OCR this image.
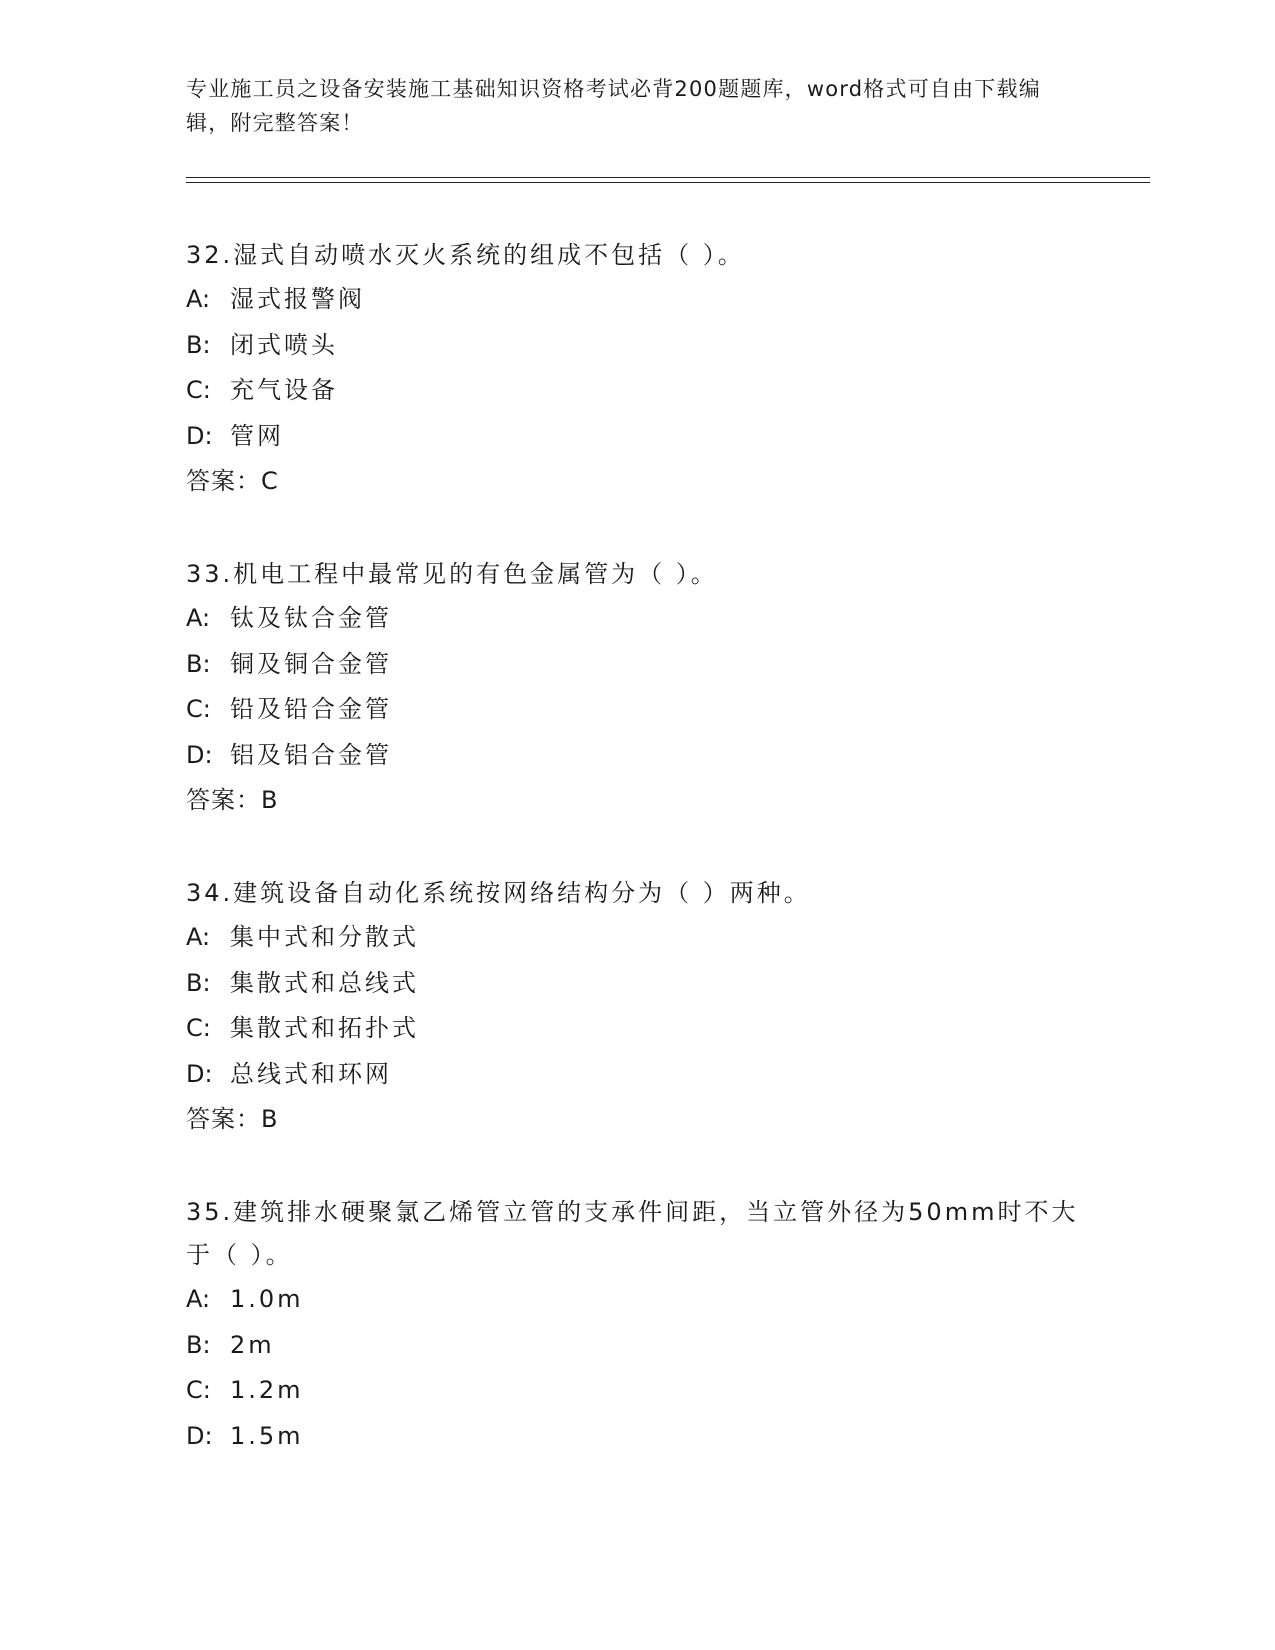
专业施工员之设备安装施工基础知识资格考试必背200题题库，word格式可自由下载编辑，附完整答案！

32.湿式自动喷水灭火系统的组成不包括（ ）。

A: 湿式报警阀

B: 闭式喷头

C: 充气设备

D: 管网

答案：C

33.机电工程中最常见的有色金属管为（ ）。

A: 钛及钛合金管

B: 铜及铜合金管

C: 铅及铅合金管

D: 铝及铝合金管

答案：B

34.建筑设备自动化系统按网络结构分为（ ）两种。

A: 集中式和分散式

B: 集散式和总线式

C: 集散式和拓扑式

D: 总线式和环网

答案：B

35.建筑排水硬聚氯乙烯管立管的支承件间距，当立管外径为50mm时不大于（ ）。

A: 1.0m

B: 2m

C: 1.2m

D: 1.5m
